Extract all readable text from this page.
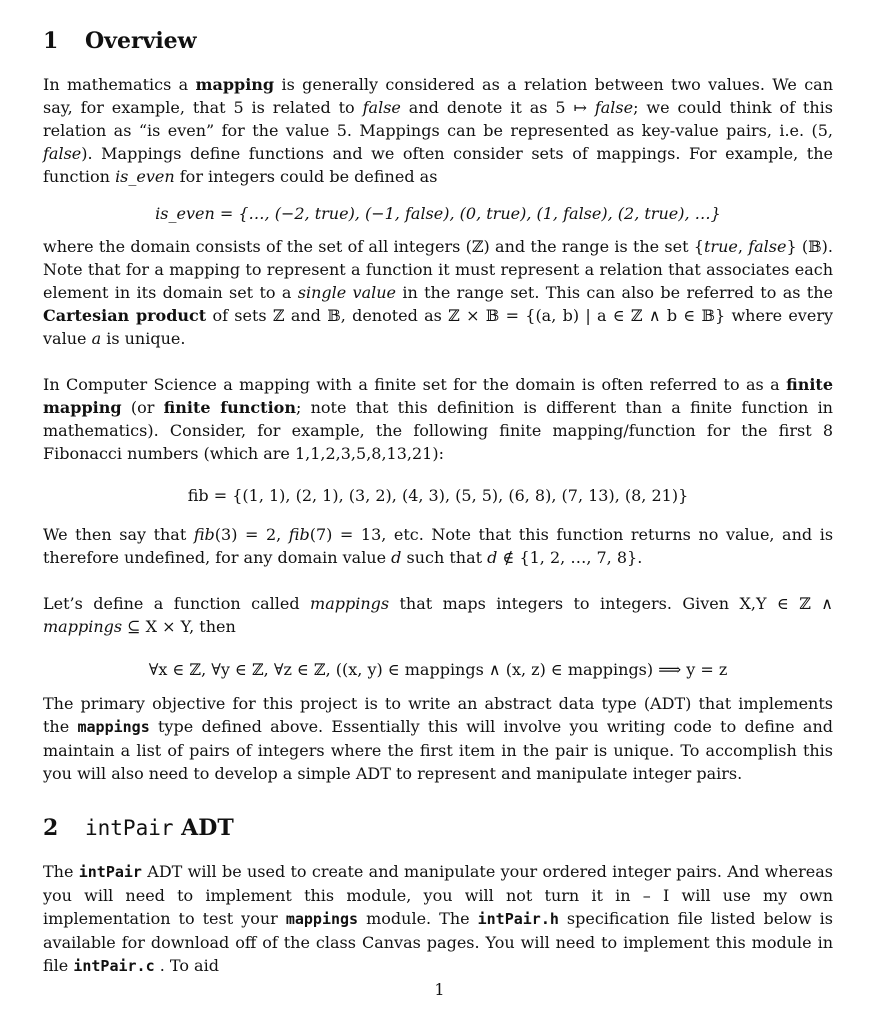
1 Overview

In mathematics a mapping is generally considered as a relation between two values. We can say, for example, that 5 is related to false and denote it as 5 ↦ false; we could think of this relation as “is even” for the value 5. Mappings can be represented as key-value pairs, i.e. (5, false). Mappings define functions and we often consider sets of mappings. For example, the function is_even for integers could be defined as

is_even = {…, (−2, true), (−1, false), (0, true), (1, false), (2, true), …}

where the domain consists of the set of all integers (ℤ) and the range is the set {true, false} (𝔹). Note that for a mapping to represent a function it must represent a relation that associates each element in its domain set to a single value in the range set. This can also be referred to as the Cartesian product of sets ℤ and 𝔹, denoted as ℤ × 𝔹 = {(a, b) | a ∈ ℤ ∧ b ∈ 𝔹} where every value a is unique.

In Computer Science a mapping with a finite set for the domain is often referred to as a finite mapping (or finite function; note that this definition is different than a finite function in mathematics). Consider, for example, the following finite mapping/function for the first 8 Fibonacci numbers (which are 1,1,2,3,5,8,13,21):

fib = {(1, 1), (2, 1), (3, 2), (4, 3), (5, 5), (6, 8), (7, 13), (8, 21)}

We then say that fib(3) = 2, fib(7) = 13, etc. Note that this function returns no value, and is therefore undefined, for any domain value d such that d ∉ {1, 2, …, 7, 8}.

Let’s define a function called mappings that maps integers to integers. Given X,Y ∈ ℤ ∧ mappings ⊆ X × Y, then

∀x ∈ ℤ, ∀y ∈ ℤ, ∀z ∈ ℤ, ((x, y) ∈ mappings ∧ (x, z) ∈ mappings) ⟹ y = z

The primary objective for this project is to write an abstract data type (ADT) that implements the mappings type defined above. Essentially this will involve you writing code to define and maintain a list of pairs of integers where the first item in the pair is unique. To accomplish this you will also need to develop a simple ADT to represent and manipulate integer pairs.

2 intPair ADT

The intPair ADT will be used to create and manipulate your ordered integer pairs. And whereas you will need to implement this module, you will not turn it in – I will use my own implementation to test your mappings module. The intPair.h specification file listed below is available for download off of the class Canvas pages. You will need to implement this module in file intPair.c . To aid

1
